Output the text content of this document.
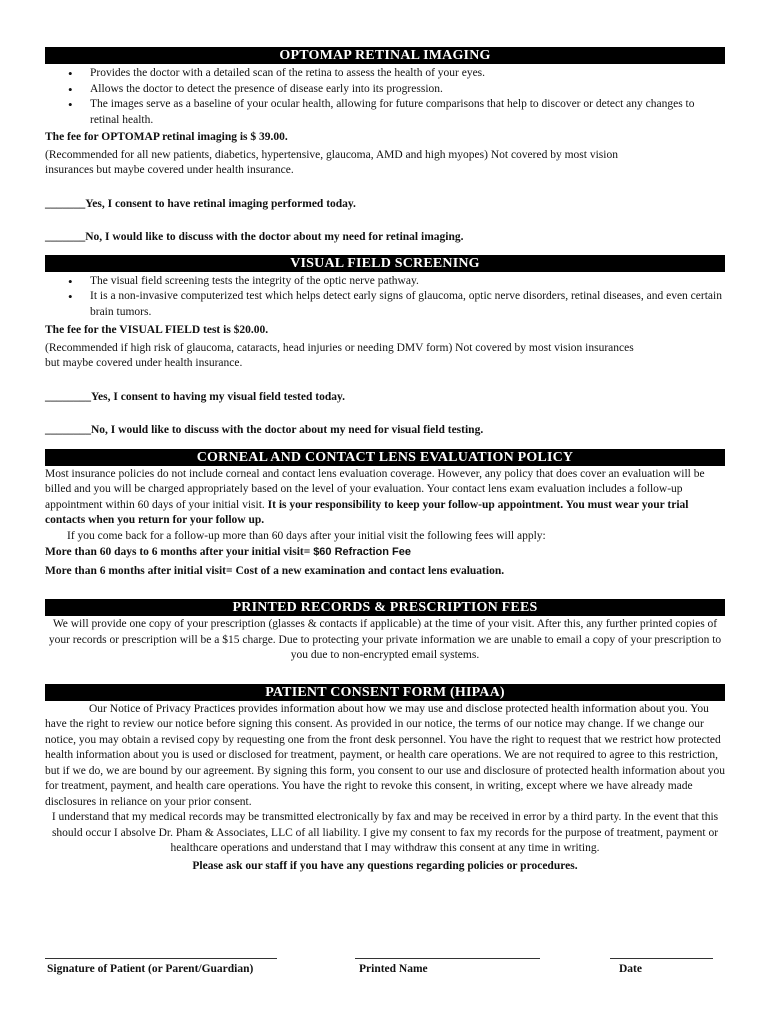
OPTOMAP RETINAL IMAGING
• Provides the doctor with a detailed scan of the retina to assess the health of your eyes.
• Allows the doctor to detect the presence of disease early into its progression.
• The images serve as a baseline of your ocular health, allowing for future comparisons that help to discover or detect any changes to retinal health.

The fee for OPTOMAP retinal imaging is $ 39.00.

(Recommended for all new patients, diabetics, hypertensive, glaucoma, AMD and high myopes) Not covered by most vision insurances but maybe covered under health insurance.

_______Yes, I consent to have retinal imaging performed today.

_______No, I would like to discuss with the doctor about my need for retinal imaging.

VISUAL FIELD SCREENING
• The visual field screening tests the integrity of the optic nerve pathway.
• It is a non-invasive computerized test which helps detect early signs of glaucoma, optic nerve disorders, retinal diseases, and even certain brain tumors.

The fee for the VISUAL FIELD test is $20.00.

(Recommended if high risk of glaucoma, cataracts, head injuries or needing DMV form) Not covered by most vision insurances but maybe covered under health insurance.

________Yes, I consent to having my visual field tested today.

________No, I would like to discuss with the doctor about my need for visual field testing.

CORNEAL AND CONTACT LENS EVALUATION POLICY

Most insurance policies do not include corneal and contact lens evaluation coverage. However, any policy that does cover an evaluation will be billed and you will be charged appropriately based on the level of your evaluation. Your contact lens exam evaluation includes a follow-up appointment within 60 days of your initial visit. It is your responsibility to keep your follow-up appointment. You must wear your trial contacts when you return for your follow up.

If you come back for a follow-up more than 60 days after your initial visit the following fees will apply:

More than 60 days to 6 months after your initial visit= $60 Refraction Fee

More than 6 months after initial visit= Cost of a new examination and contact lens evaluation.

PRINTED RECORDS & PRESCRIPTION FEES

We will provide one copy of your prescription (glasses & contacts if applicable) at the time of your visit. After this, any further printed copies of your records or prescription will be a $15 charge. Due to protecting your private information we are unable to email a copy of your prescription to you due to non-encrypted email systems.

PATIENT CONSENT FORM (HIPAA)

Our Notice of Privacy Practices provides information about how we may use and disclose protected health information about you. You have the right to review our notice before signing this consent. As provided in our notice, the terms of our notice may change. If we change our notice, you may obtain a revised copy by requesting one from the front desk personnel. You have the right to request that we restrict how protected health information about you is used or disclosed for treatment, payment, or health care operations. We are not required to agree to this restriction, but if we do, we are bound by our agreement. By signing this form, you consent to our use and disclosure of protected health information about you for treatment, payment, and health care operations. You have the right to revoke this consent, in writing, except where we have already made disclosures in reliance on your prior consent.

I understand that my medical records may be transmitted electronically by fax and may be received in error by a third party. In the event that this should occur I absolve Dr. Pham & Associates, LLC of all liability. I give my consent to fax my records for the purpose of treatment, payment or healthcare operations and understand that I may withdraw this consent at any time in writing.

Please ask our staff if you have any questions regarding policies or procedures.

Signature of Patient (or Parent/Guardian)	Printed Name	Date
